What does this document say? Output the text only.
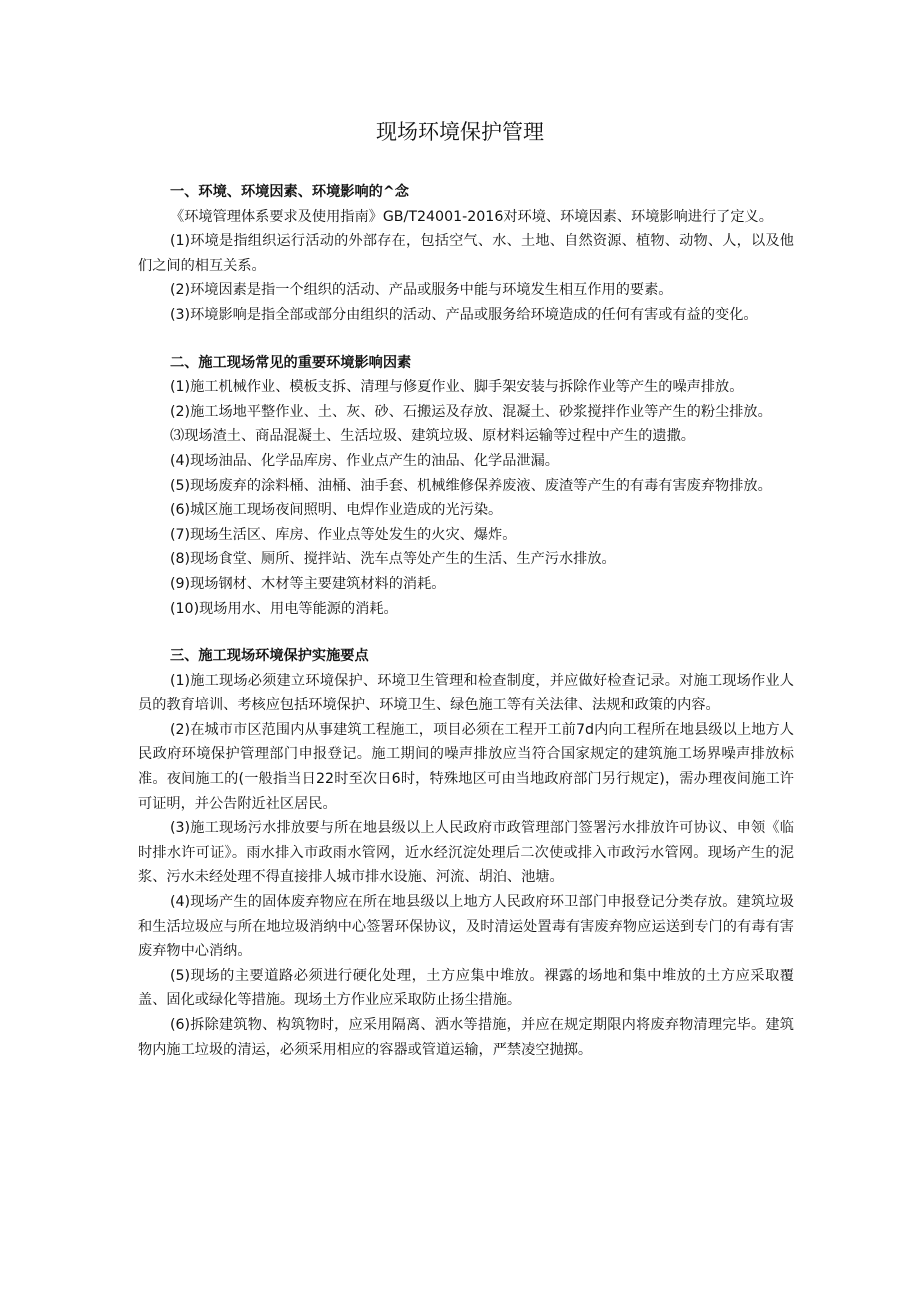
现场环境保护管理

一、环境、环境因素、环境影响的^念

《环境管理体系要求及使用指南》GB/T24001-2016对环境、环境因素、环境影响进行了定义。

(1)环境是指组织运行活动的外部存在，包括空气、水、土地、自然资源、植物、动物、人，以及他们之间的相互关系。

(2)环境因素是指一个组织的活动、产品或服务中能与环境发生相互作用的要素。

(3)环境影响是指全部或部分由组织的活动、产品或服务给环境造成的任何有害或有益的变化。

二、施工现场常见的重要环境影响因素

(1)施工机械作业、模板支拆、清理与修夏作业、脚手架安装与拆除作业等产生的噪声排放。

(2)施工场地平整作业、土、灰、砂、石搬运及存放、混凝土、砂浆搅拌作业等产生的粉尘排放。

⑶现场渣土、商品混凝土、生活垃圾、建筑垃圾、原材料运输等过程中产生的遗撒。

(4)现场油品、化学品库房、作业点产生的油品、化学品泄漏。

(5)现场废弃的涂料桶、油桶、油手套、机械维修保养废液、废渣等产生的有毒有害废弃物排放。

(6)城区施工现场夜间照明、电焊作业造成的光污染。

(7)现场生活区、库房、作业点等处发生的火灾、爆炸。

(8)现场食堂、厕所、搅拌站、洗车点等处产生的生活、生产污水排放。

(9)现场钢材、木材等主要建筑材料的消耗。

(10)现场用水、用电等能源的消耗。

三、施工现场环境保护实施要点

(1)施工现场必须建立环境保护、环境卫生管理和检查制度，并应做好检查记录。对施工现场作业人员的教育培训、考核应包括环境保护、环境卫生、绿色施工等有关法律、法规和政策的内容。

(2)在城市市区范围内从事建筑工程施工，项目必须在工程开工前7d内向工程所在地县级以上地方人民政府环境保护管理部门申报登记。施工期间的噪声排放应当符合国家规定的建筑施工场界噪声排放标准。夜间施工的(一般指当日22时至次日6时，特殊地区可由当地政府部门另行规定)，需办理夜间施工许可证明，并公告附近社区居民。

(3)施工现场污水排放要与所在地县级以上人民政府市政管理部门签署污水排放许可协议、申领《临时排水许可证》。雨水排入市政雨水管网，近水经沉淀处理后二次使或排入市政污水管网。现场产生的泥浆、污水未经处理不得直接排人城市排水设施、河流、胡泊、池塘。

(4)现场产生的固体废弃物应在所在地县级以上地方人民政府环卫部门申报登记分类存放。建筑垃圾和生活垃圾应与所在地垃圾消纳中心签署环保协议，及时清运处置毒有害废弃物应运送到专门的有毒有害废弃物中心消纳。

(5)现场的主要道路必须进行硬化处理，土方应集中堆放。裸露的场地和集中堆放的土方应采取覆盖、固化或绿化等措施。现场土方作业应采取防止扬尘措施。

(6)拆除建筑物、构筑物时，应采用隔离、洒水等措施，并应在规定期限内将废弃物清理完毕。建筑物内施工垃圾的清运，必须采用相应的容器或管道运输，严禁凌空抛掷。
